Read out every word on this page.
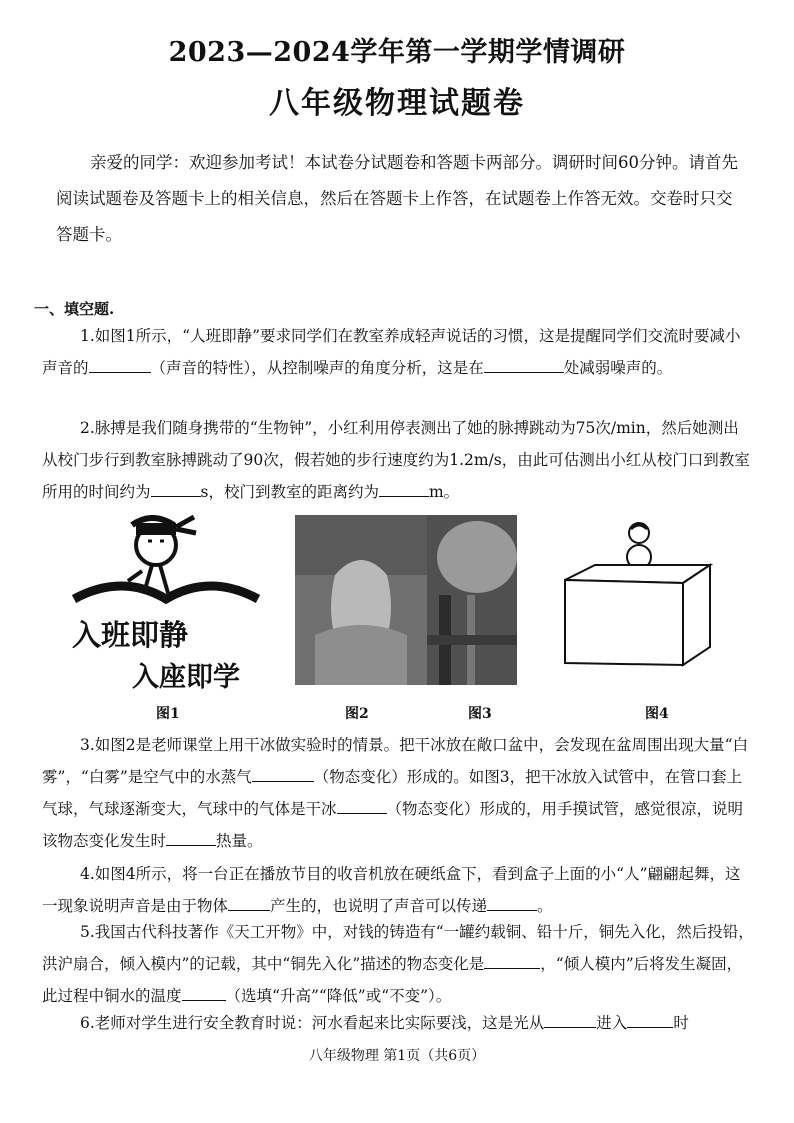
2023—2024学年第一学期学情调研
八年级物理试题卷

亲爱的同学：欢迎参加考试！本试卷分试题卷和答题卡两部分。调研时间60分钟。请首先阅读试题卷及答题卡上的相关信息，然后在答题卡上作答，在试题卷上作答无效。交卷时只交答题卡。

一、填空题.

1.如图1所示，“人班即静”要求同学们在教室养成轻声说话的习惯，这是提醒同学们交流时要减小声音的	（声音的特性），从控制噪声的角度分析，这是在	处减弱噪声的。

2.脉搏是我们随身携带的“生物钟”，小红利用停表测出了她的脉搏跳动为75次/min，然后她测出从校门步行到教室脉搏跳动了90次，假若她的步行速度约为1.2m/s，由此可估测出小红从校门口到教室所用的时间约为	s，校门到教室的距离约为	m。

入班即静
入座即学
图1	图2	图3	图4

3.如图2是老师课堂上用干冰做实验时的情景。把干冰放在敞口盆中，会发现在盆周围出现大量“白雾”，“白雾”是空气中的水蒸气	（物态变化）形成的。如图3，把干冰放入试管中，在管口套上气球，气球逐渐变大，气球中的气体是干冰	（物态变化）形成的，用手摸试管，感觉很凉，说明该物态变化发生时	热量。

4.如图4所示，将一台正在播放节目的收音机放在硬纸盒下，看到盒子上面的小“人”翩翩起舞，这一现象说明声音是由于物体	产生的，也说明了声音可以传递	。

5.我国古代科技著作《天工开物》中，对钱的铸造有“一罐约载铜、铅十斤，铜先入化，然后投铅，洪沪扇合，倾入模内”的记载，其中“铜先入化”描述的物态变化是	，“倾人模内”后将发生凝固，此过程中铜水的温度	（选填“升高”“降低”或“不变”）。

6.老师对学生进行安全教育时说：河水看起来比实际要浅，这是光从	进入	时

八年级物理 第1页（共6页）
